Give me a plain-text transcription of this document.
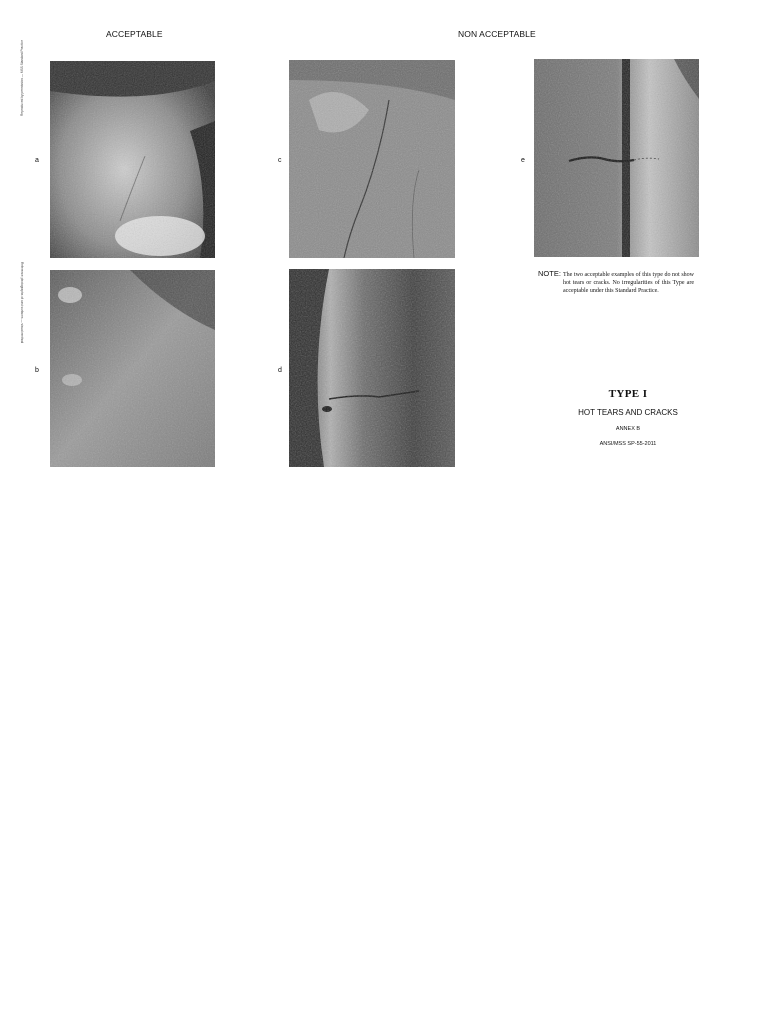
ACCEPTABLE	NON ACCEPTABLE
Reproduced by permission — MSS Standard Practice
Reference photographs of cast surfaces — visual method
a
b
c
d
e
NOTE: The two acceptable examples of this type do not show hot tears or cracks. No irregularities of this Type are acceptable under this Standard Practice.
TYPE I
HOT TEARS AND CRACKS
ANNEX B
ANSI/MSS SP-55-2011
